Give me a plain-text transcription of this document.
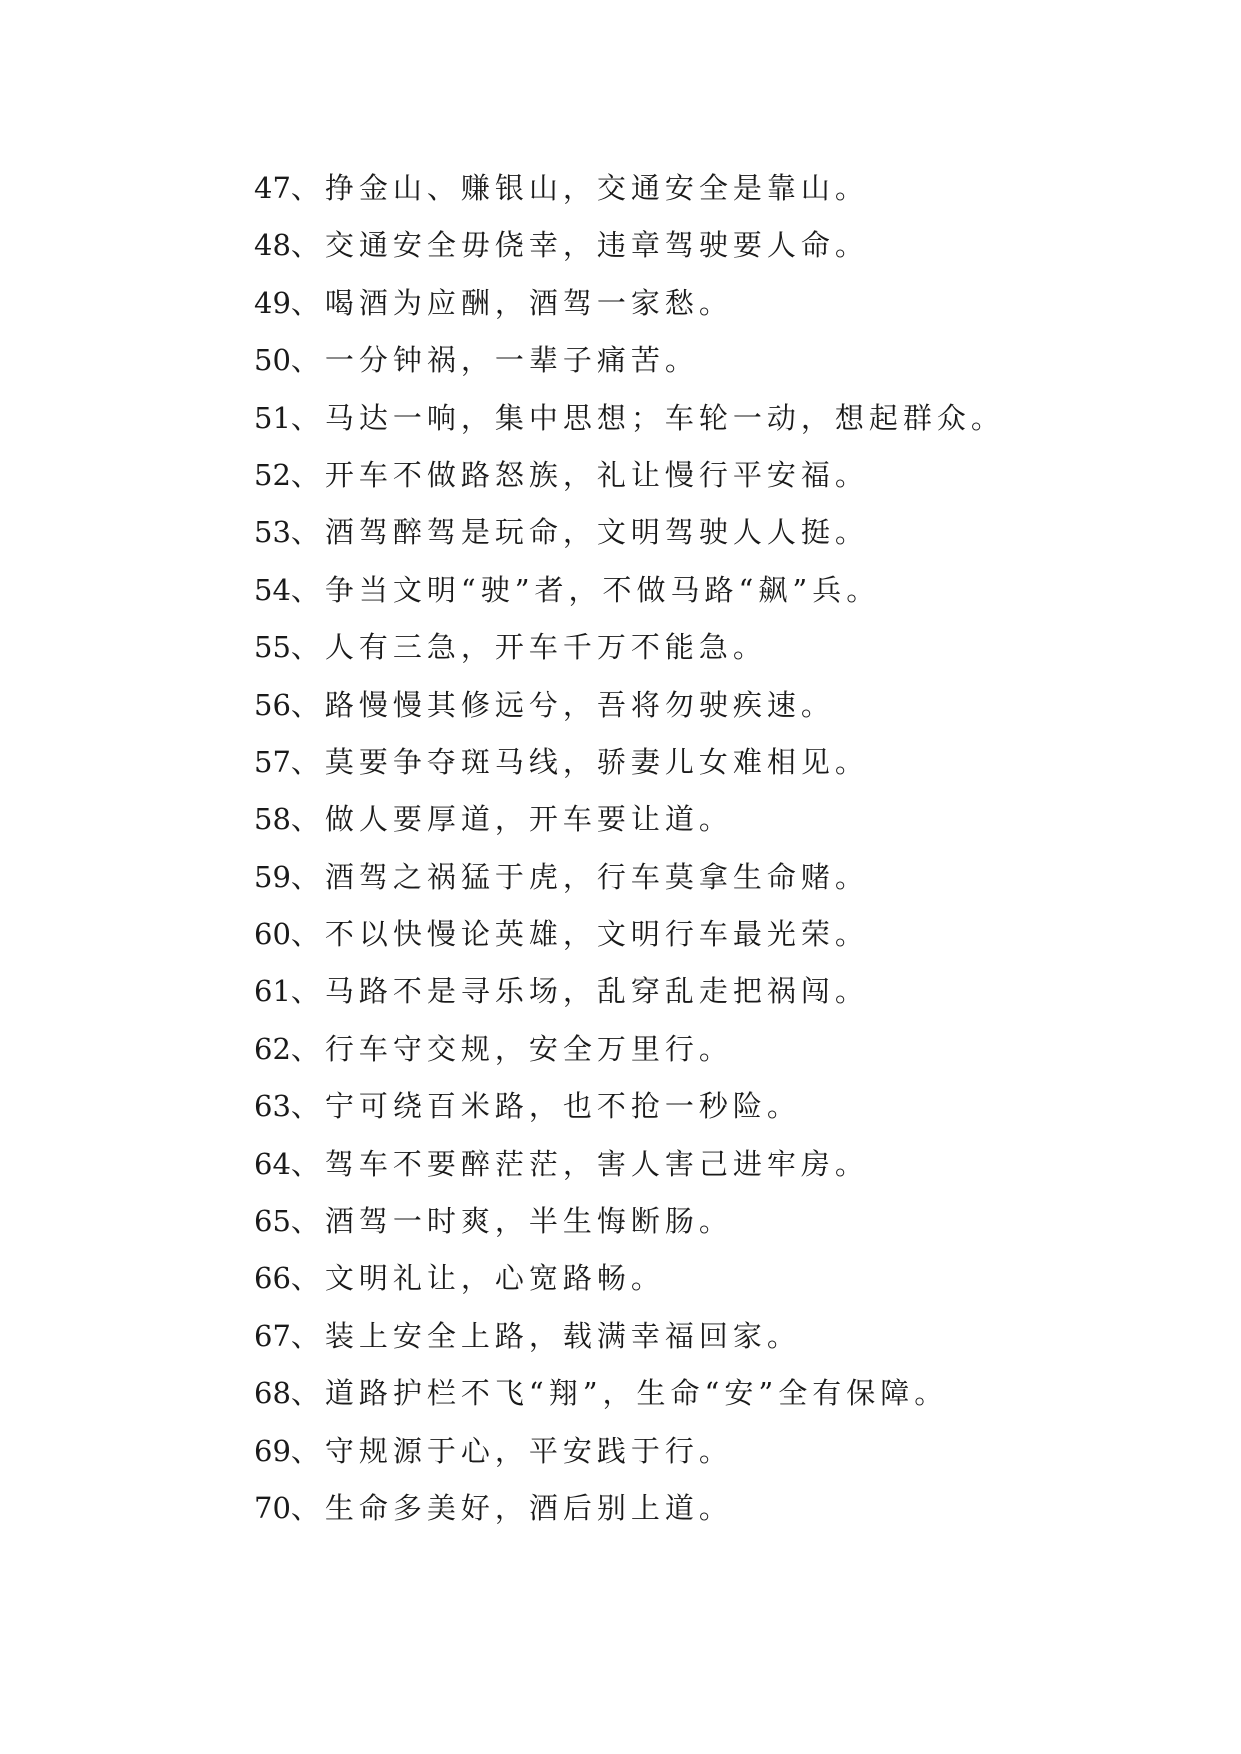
47、挣金山、赚银山，交通安全是靠山。
48、交通安全毋侥幸，违章驾驶要人命。
49、喝酒为应酬，酒驾一家愁。
50、一分钟祸，一辈子痛苦。
51、马达一响，集中思想；车轮一动，想起群众。
52、开车不做路怒族，礼让慢行平安福。
53、酒驾醉驾是玩命，文明驾驶人人挺。
54、争当文明“驶”者，不做马路“飙”兵。
55、人有三急，开车千万不能急。
56、路慢慢其修远兮，吾将勿驶疾速。
57、莫要争夺斑马线，骄妻儿女难相见。
58、做人要厚道，开车要让道。
59、酒驾之祸猛于虎，行车莫拿生命赌。
60、不以快慢论英雄，文明行车最光荣。
61、马路不是寻乐场，乱穿乱走把祸闯。
62、行车守交规，安全万里行。
63、宁可绕百米路，也不抢一秒险。
64、驾车不要醉茫茫，害人害己进牢房。
65、酒驾一时爽，半生悔断肠。
66、文明礼让，心宽路畅。
67、装上安全上路，载满幸福回家。
68、道路护栏不飞“翔”，生命“安”全有保障。
69、守规源于心，平安践于行。
70、生命多美好，酒后别上道。
